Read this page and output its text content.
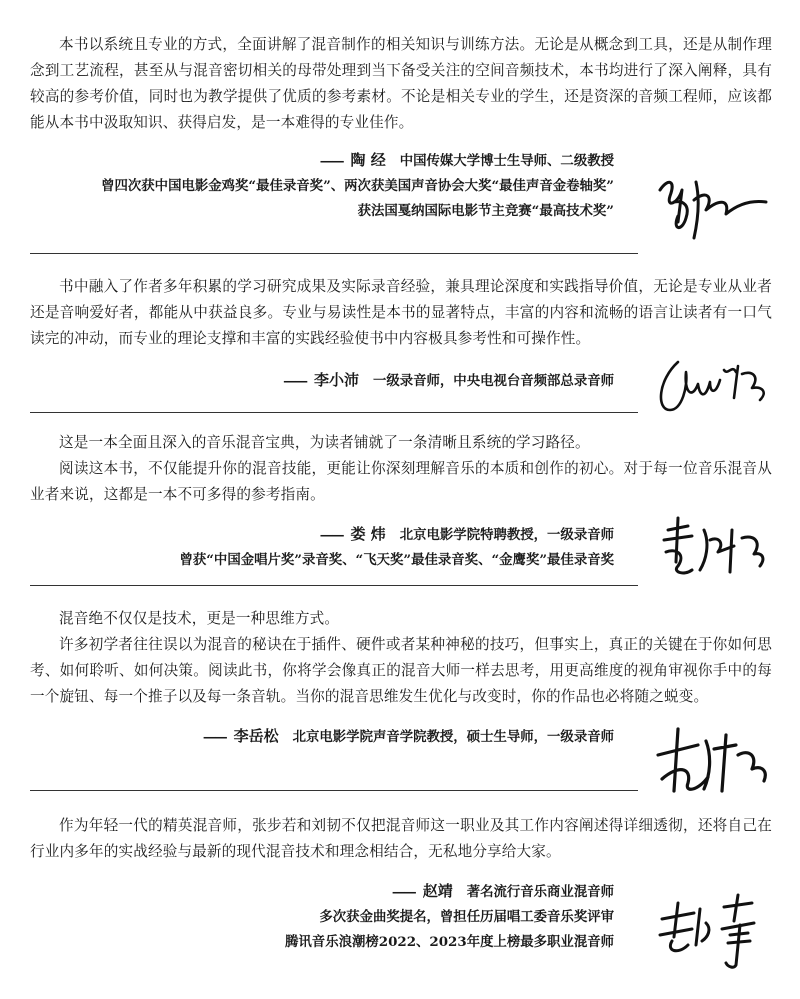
本书以系统且专业的方式，全面讲解了混音制作的相关知识与训练方法。无论是从概念到工具，还是从制作理念到工艺流程，甚至从与混音密切相关的母带处理到当下备受关注的空间音频技术，本书均进行了深入阐释，具有较高的参考价值，同时也为教学提供了优质的参考素材。不论是相关专业的学生，还是资深的音频工程师，应该都能从本书中汲取知识、获得启发，是一本难得的专业佳作。

—— 陶 经 中国传媒大学博士生导师、二级教授
曾四次获中国电影金鸡奖“最佳录音奖”、两次获美国声音协会大奖“最佳声音金卷轴奖”
获法国戛纳国际电影节主竞赛“最高技术奖”

书中融入了作者多年积累的学习研究成果及实际录音经验，兼具理论深度和实践指导价值，无论是专业从业者还是音响爱好者，都能从中获益良多。专业与易读性是本书的显著特点，丰富的内容和流畅的语言让读者有一口气读完的冲动，而专业的理论支撑和丰富的实践经验使书中内容极具参考性和可操作性。

—— 李小沛 一级录音师，中央电视台音频部总录音师

这是一本全面且深入的音乐混音宝典，为读者铺就了一条清晰且系统的学习路径。

阅读这本书，不仅能提升你的混音技能，更能让你深刻理解音乐的本质和创作的初心。对于每一位音乐混音从业者来说，这都是一本不可多得的参考指南。

—— 娄 炜 北京电影学院特聘教授，一级录音师
曾获“中国金唱片奖”录音奖、“飞天奖”最佳录音奖、“金鹰奖”最佳录音奖

混音绝不仅仅是技术，更是一种思维方式。

许多初学者往往误以为混音的秘诀在于插件、硬件或者某种神秘的技巧，但事实上，真正的关键在于你如何思考、如何聆听、如何决策。阅读此书，你将学会像真正的混音大师一样去思考，用更高维度的视角审视你手中的每一个旋钮、每一个推子以及每一条音轨。当你的混音思维发生优化与改变时，你的作品也必将随之蜕变。

—— 李岳松 北京电影学院声音学院教授，硕士生导师，一级录音师

作为年轻一代的精英混音师，张步若和刘韧不仅把混音师这一职业及其工作内容阐述得详细透彻，还将自己在行业内多年的实战经验与最新的现代混音技术和理念相结合，无私地分享给大家。

—— 赵靖 著名流行音乐商业混音师
多次获金曲奖提名，曾担任历届唱工委音乐奖评审
腾讯音乐浪潮榜2022、2023年度上榜最多职业混音师
